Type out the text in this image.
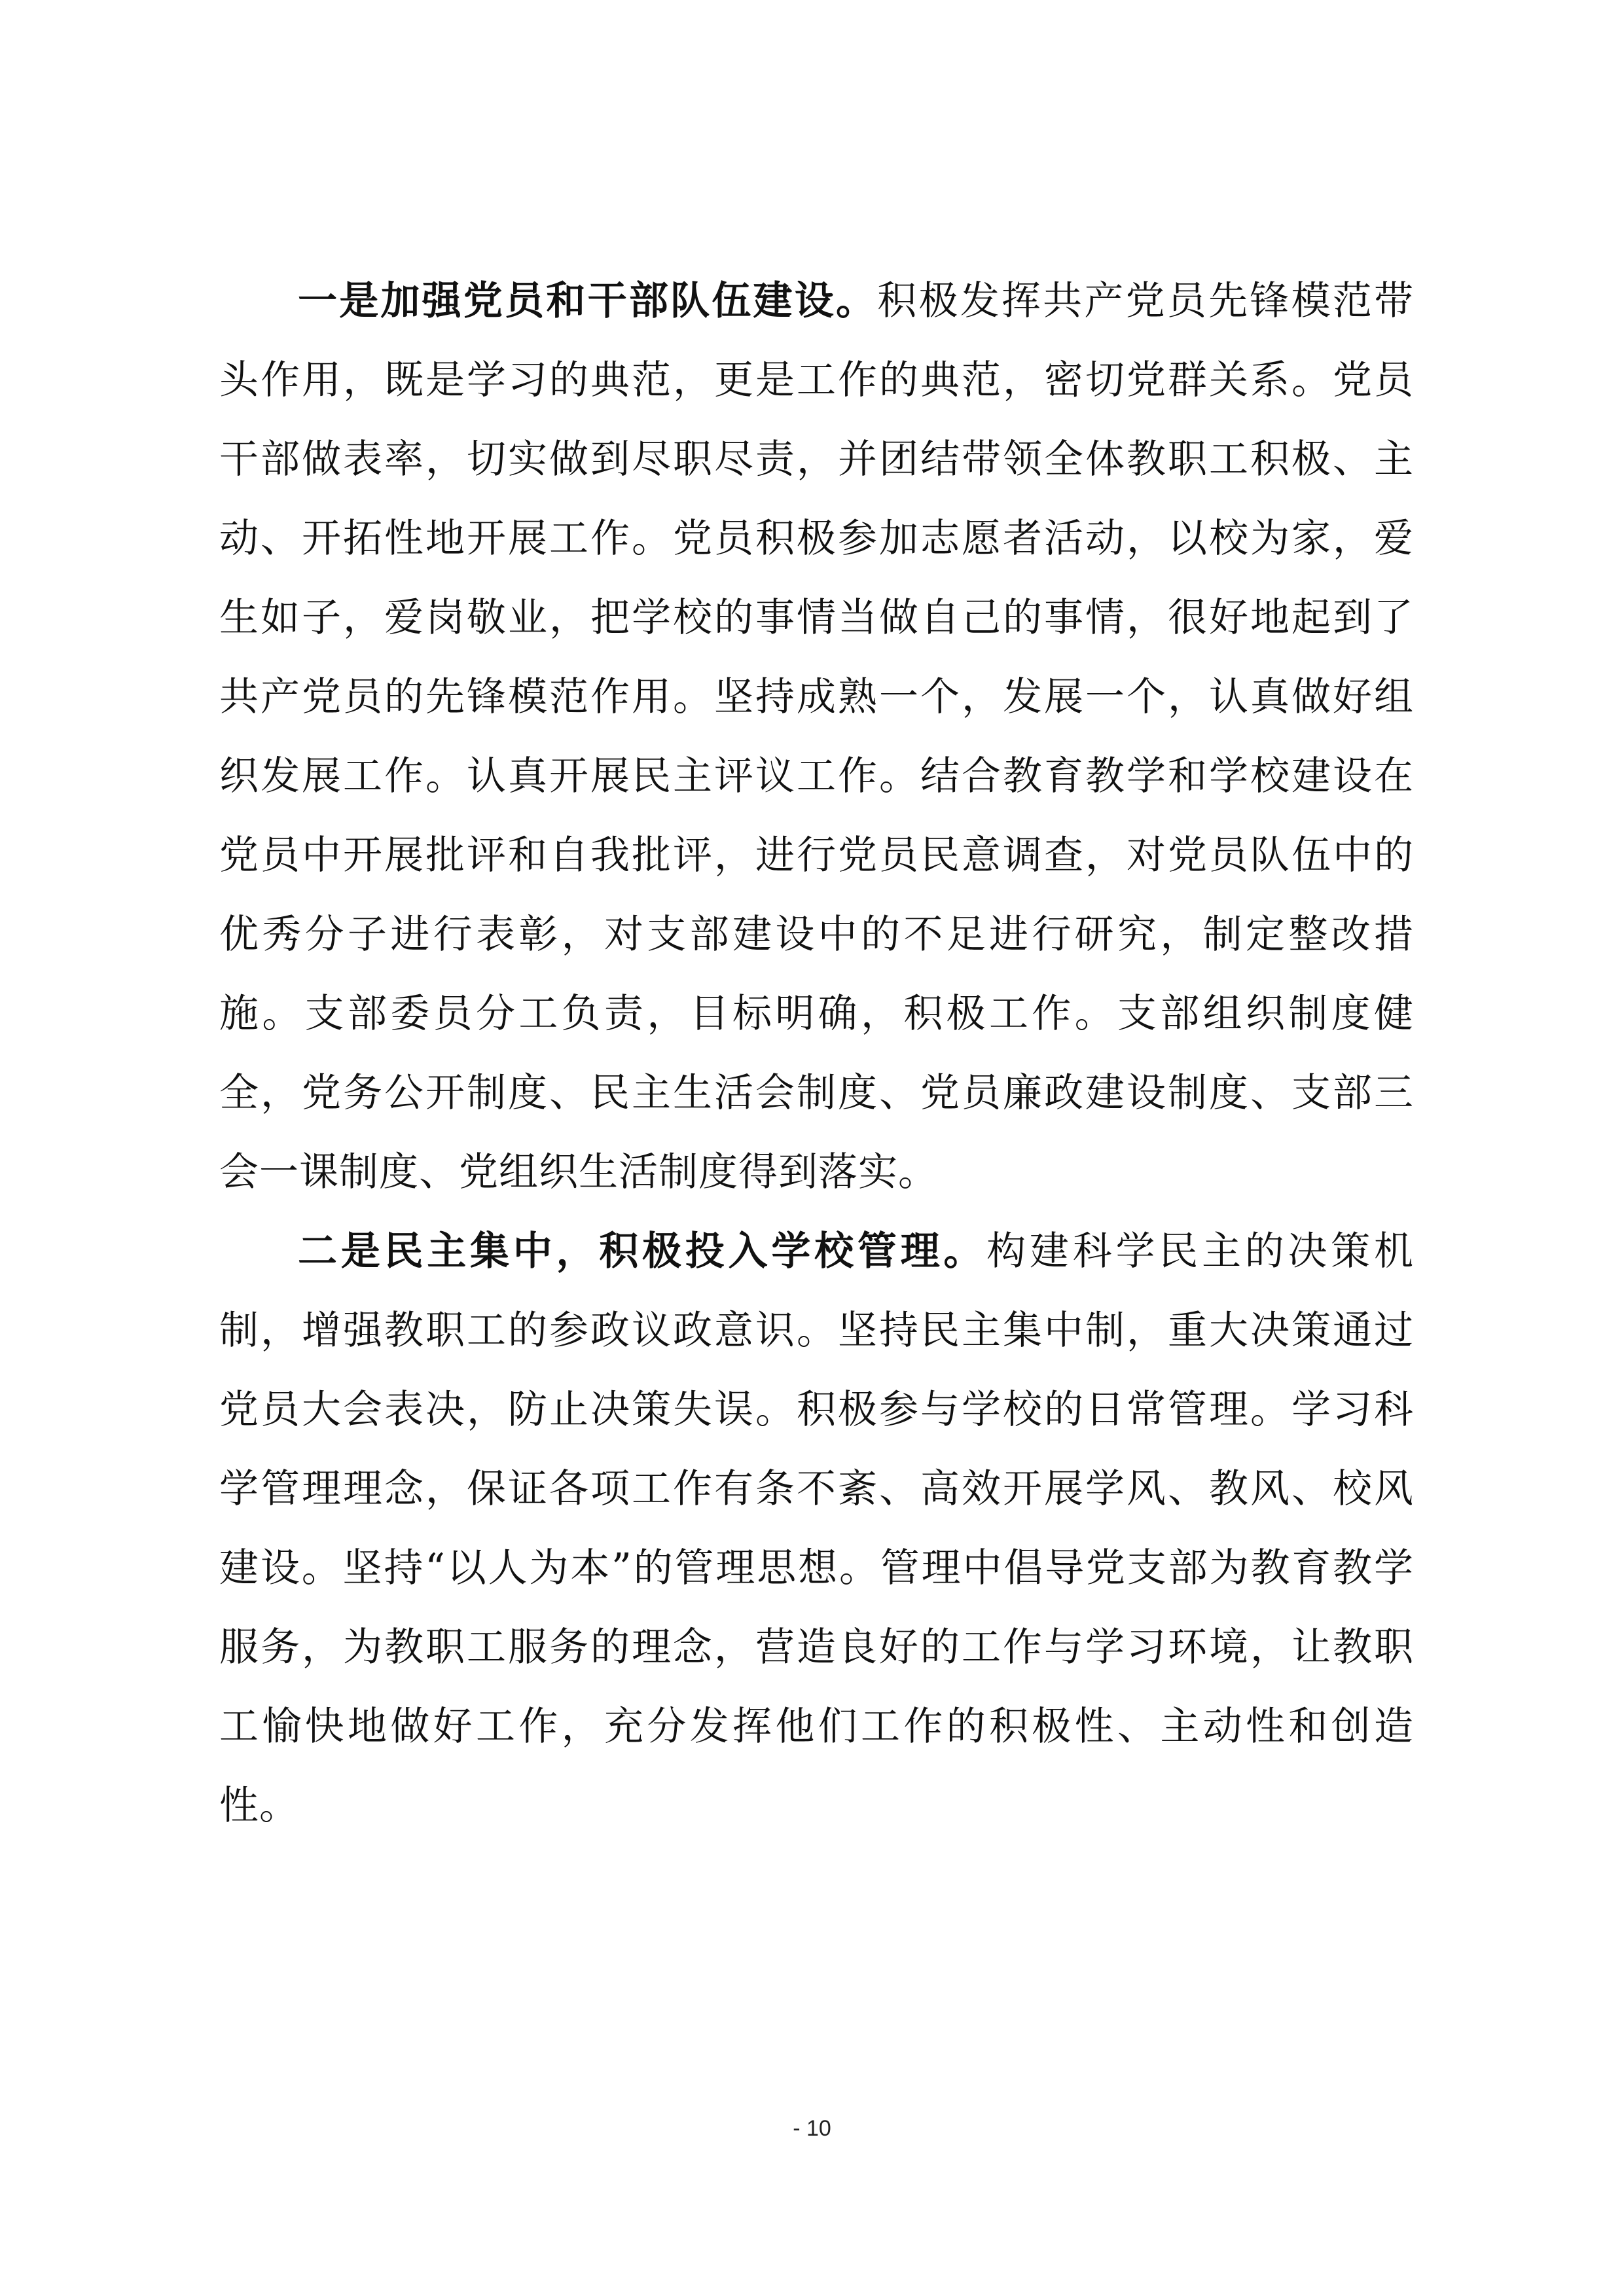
一是加强党员和干部队伍建设。积极发挥共产党员先锋模范带头作用，既是学习的典范，更是工作的典范，密切党群关系。党员干部做表率，切实做到尽职尽责，并团结带领全体教职工积极、主动、开拓性地开展工作。党员积极参加志愿者活动，以校为家，爱生如子，爱岗敬业，把学校的事情当做自己的事情，很好地起到了共产党员的先锋模范作用。坚持成熟一个，发展一个，认真做好组织发展工作。认真开展民主评议工作。结合教育教学和学校建设在党员中开展批评和自我批评，进行党员民意调查，对党员队伍中的优秀分子进行表彰，对支部建设中的不足进行研究，制定整改措施。支部委员分工负责，目标明确，积极工作。支部组织制度健全，党务公开制度、民主生活会制度、党员廉政建设制度、支部三会一课制度、党组织生活制度得到落实。

二是民主集中，积极投入学校管理。构建科学民主的决策机制，增强教职工的参政议政意识。坚持民主集中制，重大决策通过党员大会表决，防止决策失误。积极参与学校的日常管理。学习科学管理理念，保证各项工作有条不紊、高效开展学风、教风、校风建设。坚持“以人为本”的管理思想。管理中倡导党支部为教育教学服务，为教职工服务的理念，营造良好的工作与学习环境，让教职工愉快地做好工作，充分发挥他们工作的积极性、主动性和创造性。

- 10
